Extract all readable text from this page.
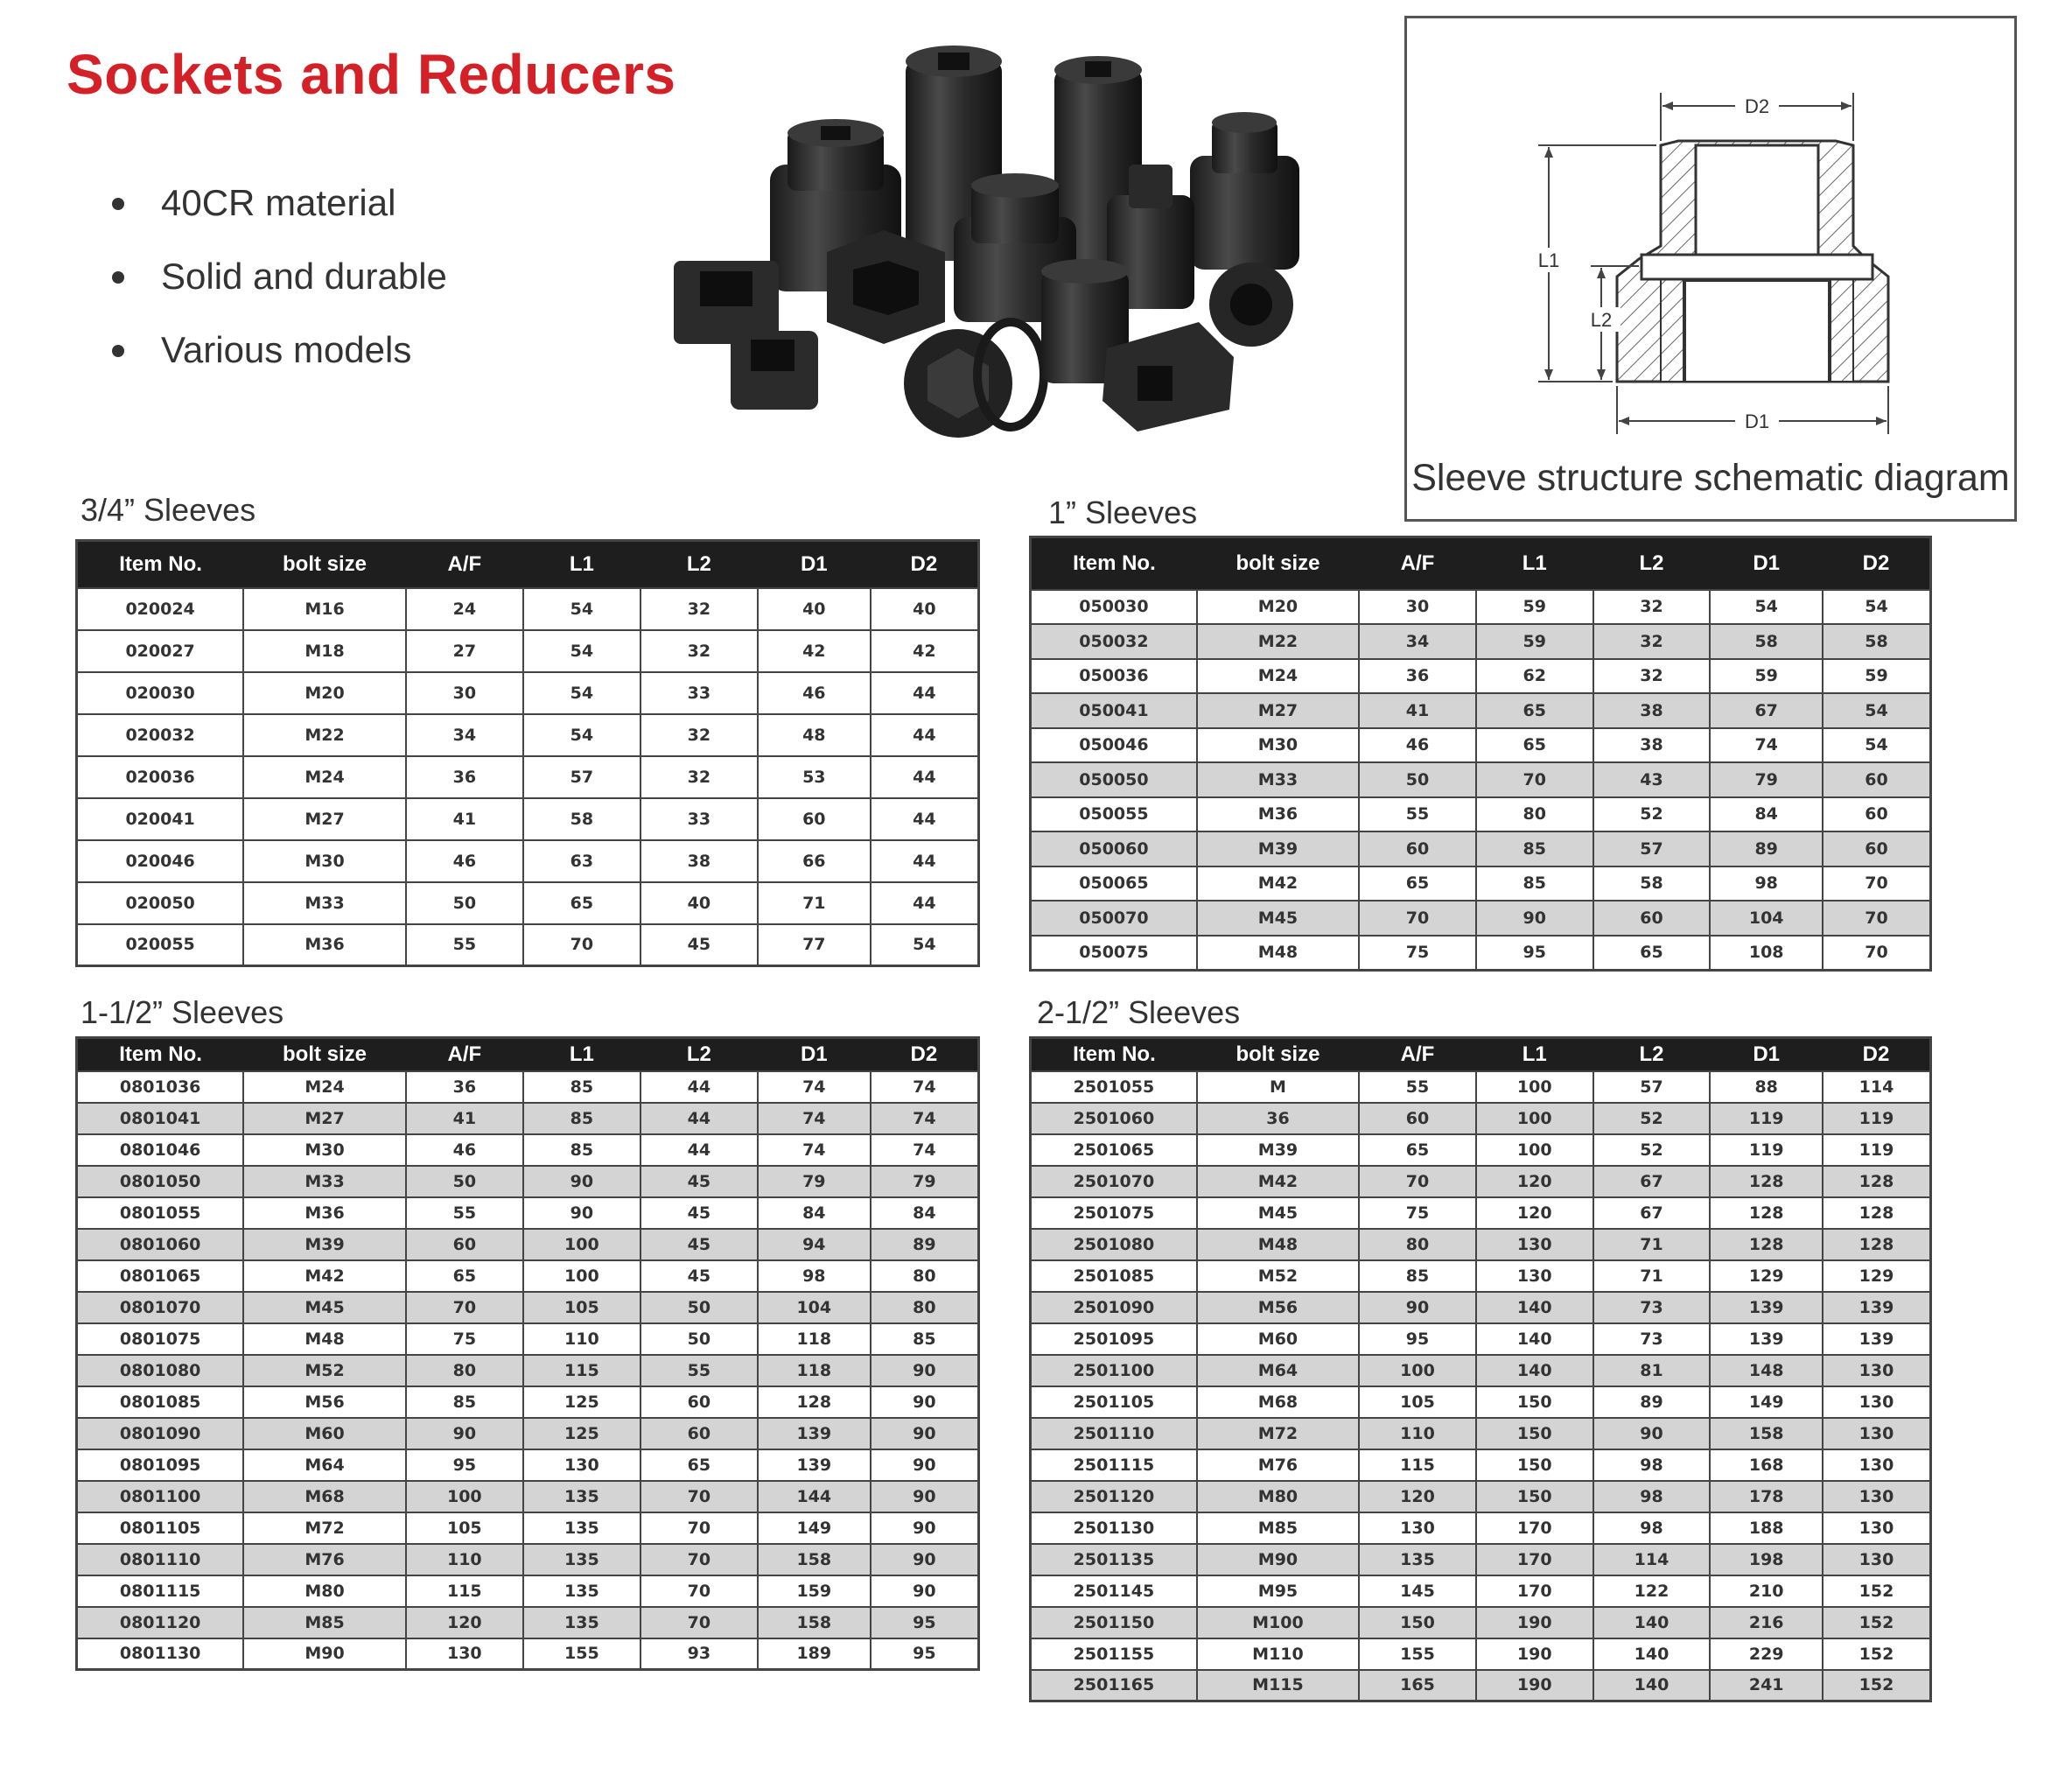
Sockets and Reducers
40CR material
Solid and durable
Various models
D2
D1
L1
L2
Sleeve structure schematic diagram
3/4” Sleeves	1” Sleeves
1-1/2” Sleeves	2-1/2” Sleeves
Item No.	bolt size	A/F	L1	L2	D1	D2
020024	M16	24	54	32	40	40
020027	M18	27	54	32	42	42
020030	M20	30	54	33	46	44
020032	M22	34	54	32	48	44
020036	M24	36	57	32	53	44
020041	M27	41	58	33	60	44
020046	M30	46	63	38	66	44
020050	M33	50	65	40	71	44
020055	M36	55	70	45	77	54
Item No.	bolt size	A/F	L1	L2	D1	D2
050030	M20	30	59	32	54	54
050032	M22	34	59	32	58	58
050036	M24	36	62	32	59	59
050041	M27	41	65	38	67	54
050046	M30	46	65	38	74	54
050050	M33	50	70	43	79	60
050055	M36	55	80	52	84	60
050060	M39	60	85	57	89	60
050065	M42	65	85	58	98	70
050070	M45	70	90	60	104	70
050075	M48	75	95	65	108	70
Item No.	bolt size	A/F	L1	L2	D1	D2
0801036	M24	36	85	44	74	74
0801041	M27	41	85	44	74	74
0801046	M30	46	85	44	74	74
0801050	M33	50	90	45	79	79
0801055	M36	55	90	45	84	84
0801060	M39	60	100	45	94	89
0801065	M42	65	100	45	98	80
0801070	M45	70	105	50	104	80
0801075	M48	75	110	50	118	85
0801080	M52	80	115	55	118	90
0801085	M56	85	125	60	128	90
0801090	M60	90	125	60	139	90
0801095	M64	95	130	65	139	90
0801100	M68	100	135	70	144	90
0801105	M72	105	135	70	149	90
0801110	M76	110	135	70	158	90
0801115	M80	115	135	70	159	90
0801120	M85	120	135	70	158	95
0801130	M90	130	155	93	189	95
Item No.	bolt size	A/F	L1	L2	D1	D2
2501055	M	55	100	57	88	114
2501060	36	60	100	52	119	119
2501065	M39	65	100	52	119	119
2501070	M42	70	120	67	128	128
2501075	M45	75	120	67	128	128
2501080	M48	80	130	71	128	128
2501085	M52	85	130	71	129	129
2501090	M56	90	140	73	139	139
2501095	M60	95	140	73	139	139
2501100	M64	100	140	81	148	130
2501105	M68	105	150	89	149	130
2501110	M72	110	150	90	158	130
2501115	M76	115	150	98	168	130
2501120	M80	120	150	98	178	130
2501130	M85	130	170	98	188	130
2501135	M90	135	170	114	198	130
2501145	M95	145	170	122	210	152
2501150	M100	150	190	140	216	152
2501155	M110	155	190	140	229	152
2501165	M115	165	190	140	241	152
